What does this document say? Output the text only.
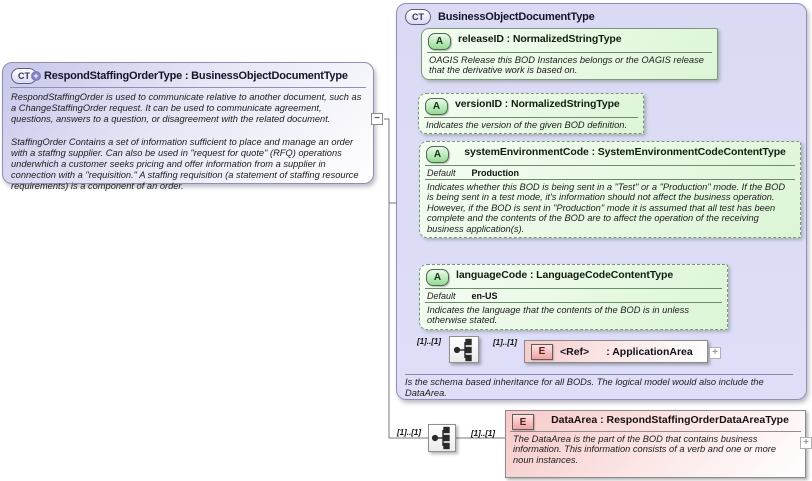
CT + RespondStaffingOrderType : BusinessObjectDocumentType

RespondStaffingOrder is used to communicate relative to another document, such as a ChangeStaffingOrder request. It can be used to communicate agreement, questions, answers to a question, or disagreement with the related document.

StaffingOrder Contains a set of information sufficient to place and manage an order with a staffng supplier. Can also be used in "request for quote" (RFQ) operations underwhich a customer seeks pricing and offer information from a supplier in connection with a "requisition." A staffing requisition (a statement of staffing resource requirements) is a component of an order.

−
CT BusinessObjectDocumentType
A	releaseID : NormalizedStringType
OAGIS Release this BOD Instances belongs or the OAGIS release that the derivative work is based on.
A	versionID : NormalizedStringType
Indicates the version of the given BOD definition.
A	systemEnvironmentCode : SystemEnvironmentCodeContentType
Default Production
Indicates whether this BOD is being sent in a "Test" or a "Production" mode. If the BOD is being sent in a test mode, it's information should not affect the business operation. However, if the BOD is sent in "Production" mode it is assumed that all test has been complete and the contents of the BOD are to affect the operation of the receiving business application(s).
A	languageCode : LanguageCodeContentType
Default en-US
Indicates the language that the contents of the BOD is in unless otherwise stated.
[1]..[1]	[1]..[1]
E	<Ref> : ApplicationArea	+
Is the schema based inheritance for all BODs. The logical model would also include the DataArea.
[1]..[1]	[1]..[1]
E	DataArea : RespondStaffingOrderDataAreaType
The DataArea is the part of the BOD that contains business information. This information consists of a verb and one or more noun instances.
+
